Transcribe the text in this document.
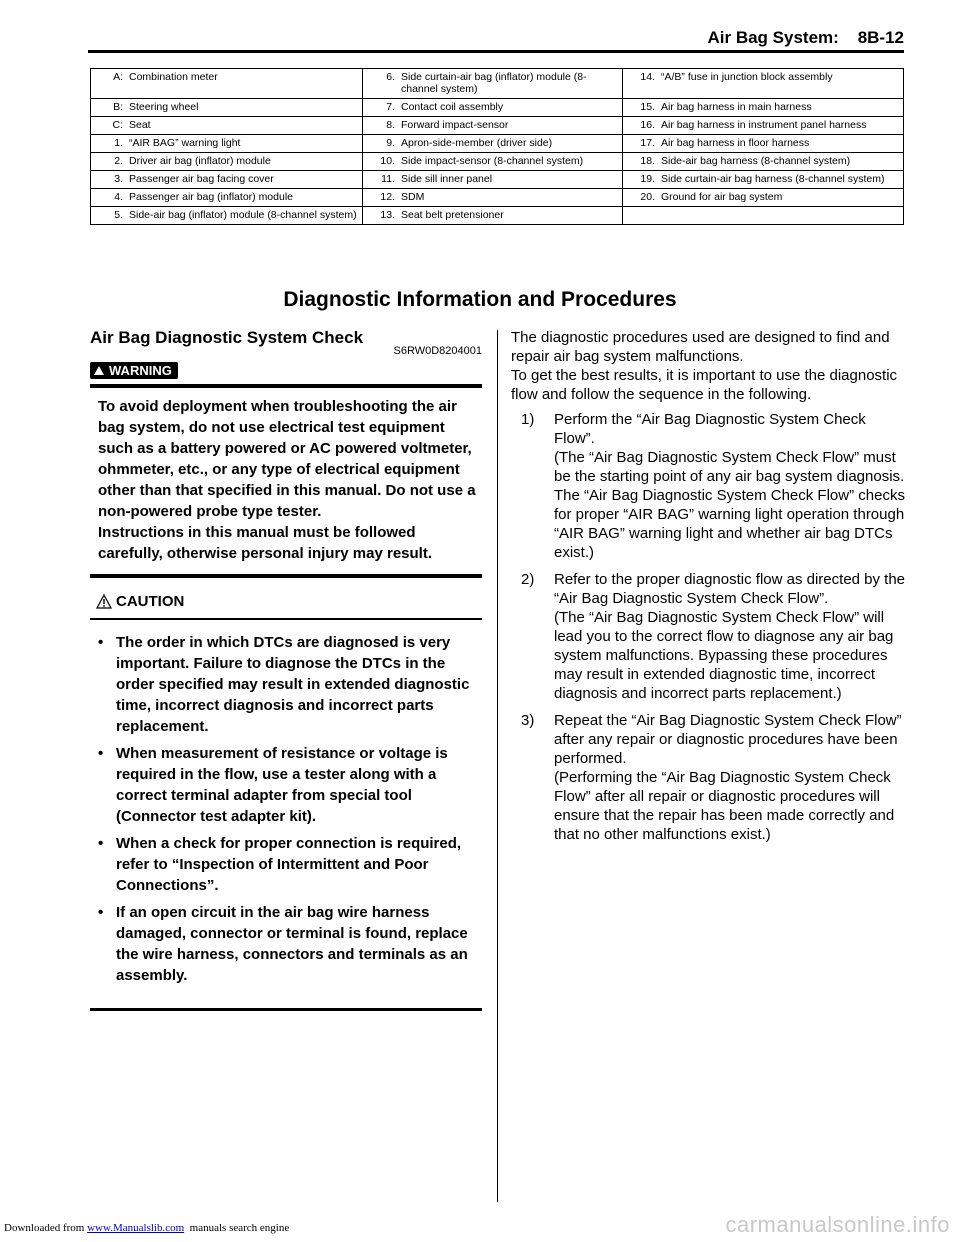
Air Bag System:    8B-12
A: Combination meter	6. Side curtain-air bag (inflator) module (8-channel system)	14. “A/B” fuse in junction block assembly

B: Steering wheel	7. Contact coil assembly	15. Air bag harness in main harness

C: Seat	8. Forward impact-sensor	16. Air bag harness in instrument panel harness

1. “AIR BAG” warning light	9. Apron-side-member (driver side)	17. Air bag harness in floor harness

2. Driver air bag (inflator) module	10. Side impact-sensor (8-channel system)	18. Side-air bag harness (8-channel system)

3. Passenger air bag facing cover	11. Side sill inner panel	19. Side curtain-air bag harness (8-channel system)

4. Passenger air bag (inflator) module	12. SDM	20. Ground for air bag system

5. Side-air bag (inflator) module (8-channel system)	13. Seat belt pretensioner	

Diagnostic Information and Procedures
Air Bag Diagnostic System Check
S6RW0D8204001
WARNING
To avoid deployment when troubleshooting the air bag system, do not use electrical test equipment such as a battery powered or AC powered voltmeter, ohmmeter, etc., or any type of electrical equipment other than that specified in this manual. Do not use a non-powered probe type tester.
Instructions in this manual must be followed carefully, otherwise personal injury may result.
CAUTION
• The order in which DTCs are diagnosed is very important. Failure to diagnose the DTCs in the order specified may result in extended diagnostic time, incorrect diagnosis and incorrect parts replacement.
• When measurement of resistance or voltage is required in the flow, use a tester along with a correct terminal adapter from special tool (Connector test adapter kit).
• When a check for proper connection is required, refer to “Inspection of Intermittent and Poor Connections”.
• If an open circuit in the air bag wire harness damaged, connector or terminal is found, replace the wire harness, connectors and terminals as an assembly.

The diagnostic procedures used are designed to find and repair air bag system malfunctions.

To get the best results, it is important to use the diagnostic flow and follow the sequence in the following.

1)	Perform the “Air Bag Diagnostic System Check Flow”.
(The “Air Bag Diagnostic System Check Flow” must be the starting point of any air bag system diagnosis. The “Air Bag Diagnostic System Check Flow” checks for proper “AIR BAG” warning light operation through “AIR BAG” warning light and whether air bag DTCs exist.)
2)	Refer to the proper diagnostic flow as directed by the “Air Bag Diagnostic System Check Flow”.
(The “Air Bag Diagnostic System Check Flow” will lead you to the correct flow to diagnose any air bag system malfunctions. Bypassing these procedures may result in extended diagnostic time, incorrect diagnosis and incorrect parts replacement.)
3)	Repeat the “Air Bag Diagnostic System Check Flow” after any repair or diagnostic procedures have been performed.
(Performing the “Air Bag Diagnostic System Check Flow” after all repair or diagnostic procedures will ensure that the repair has been made correctly and that no other malfunctions exist.)
Downloaded from www.Manualslib.com  manuals search engine	carmanualsonline.info
